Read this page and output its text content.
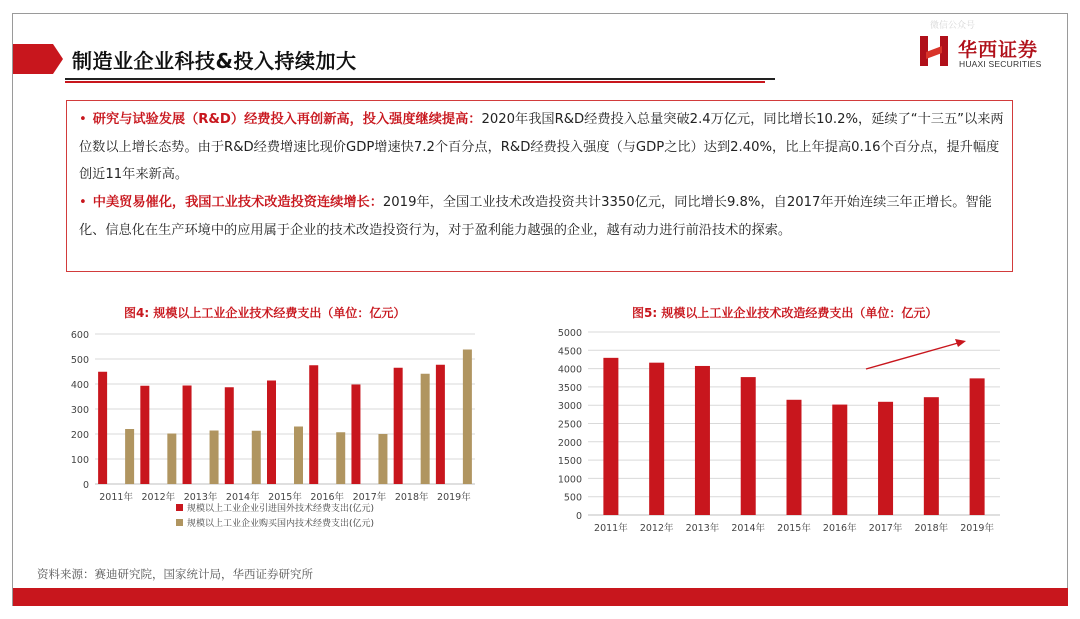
制造业企业科技&投入持续加大
微信公众号
华西证券
HUAXI SECURITIES
• 研究与试验发展（R&D）经费投入再创新高，投入强度继续提高：2020年我国R&D经费投入总量突破2.4万亿元，同比增长10.2%，延续了“十三五”以来两位数以上增长态势。由于R&D经费增速比现价GDP增速快7.2个百分点，R&D经费投入强度（与GDP之比）达到2.40%，比上年提高0.16个百分点，提升幅度创近11年来新高。
• 中美贸易催化，我国工业技术改造投资连续增长：2019年，全国工业技术改造投资共计3350亿元，同比增长9.8%，自2017年开始连续三年正增长。智能化、信息化在生产环境中的应用属于企业的技术改造投资行为，对于盈利能力越强的企业，越有动力进行前沿技术的探索。
图4: 规模以上工业企业技术经费支出（单位：亿元）
0
100
200
300
400
500
600
2011年 2012年 2013年 2014年 2015年 2016年 2017年 2018年 2019年
规模以上工业企业引进国外技术经费支出(亿元)
规模以上工业企业购买国内技术经费支出(亿元)
图5: 规模以上工业企业技术改造经费支出（单位：亿元）
0
500
1000
1500
2000
2500
3000
3500
4000
4500
5000
2011年 2012年 2013年 2014年 2015年 2016年 2017年 2018年 2019年
资料来源：赛迪研究院，国家统计局，华西证券研究所
